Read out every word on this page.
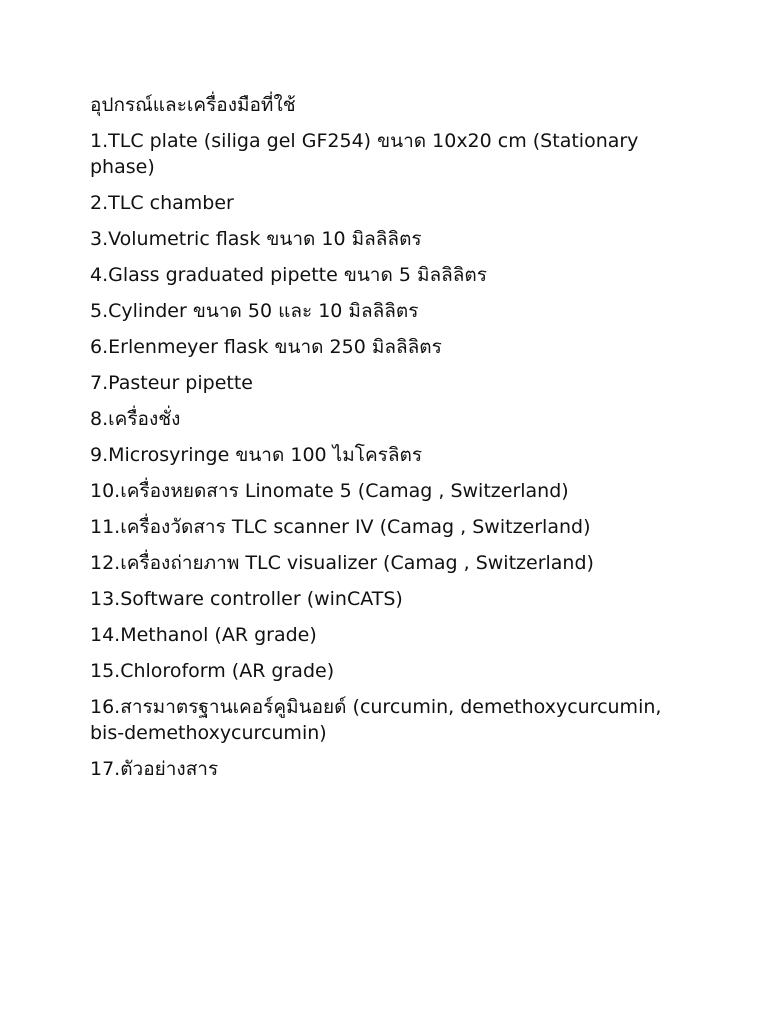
อุปกรณ์และเครื่องมือที่ใช้
1.TLC plate (siliga gel GF254) ขนาด 10x20 cm (Stationary phase)
2.TLC chamber
3.Volumetric flask ขนาด 10 มิลลิลิตร
4.Glass graduated pipette ขนาด 5 มิลลิลิตร
5.Cylinder ขนาด 50 และ 10 มิลลิลิตร
6.Erlenmeyer flask ขนาด 250 มิลลิลิตร
7.Pasteur pipette
8.เครื่องชั่ง
9.Microsyringe ขนาด 100 ไมโครลิตร
10.เครื่องหยดสาร Linomate 5 (Camag , Switzerland)
11.เครื่องวัดสาร TLC scanner IV (Camag , Switzerland)
12.เครื่องถ่ายภาพ TLC visualizer (Camag , Switzerland)
13.Software controller (winCATS)
14.Methanol (AR grade)
15.Chloroform (AR grade)
16.สารมาตรฐานเคอร์คูมินอยด์ (curcumin, demethoxycurcumin, bis-demethoxycurcumin)
17.ตัวอย่างสาร
